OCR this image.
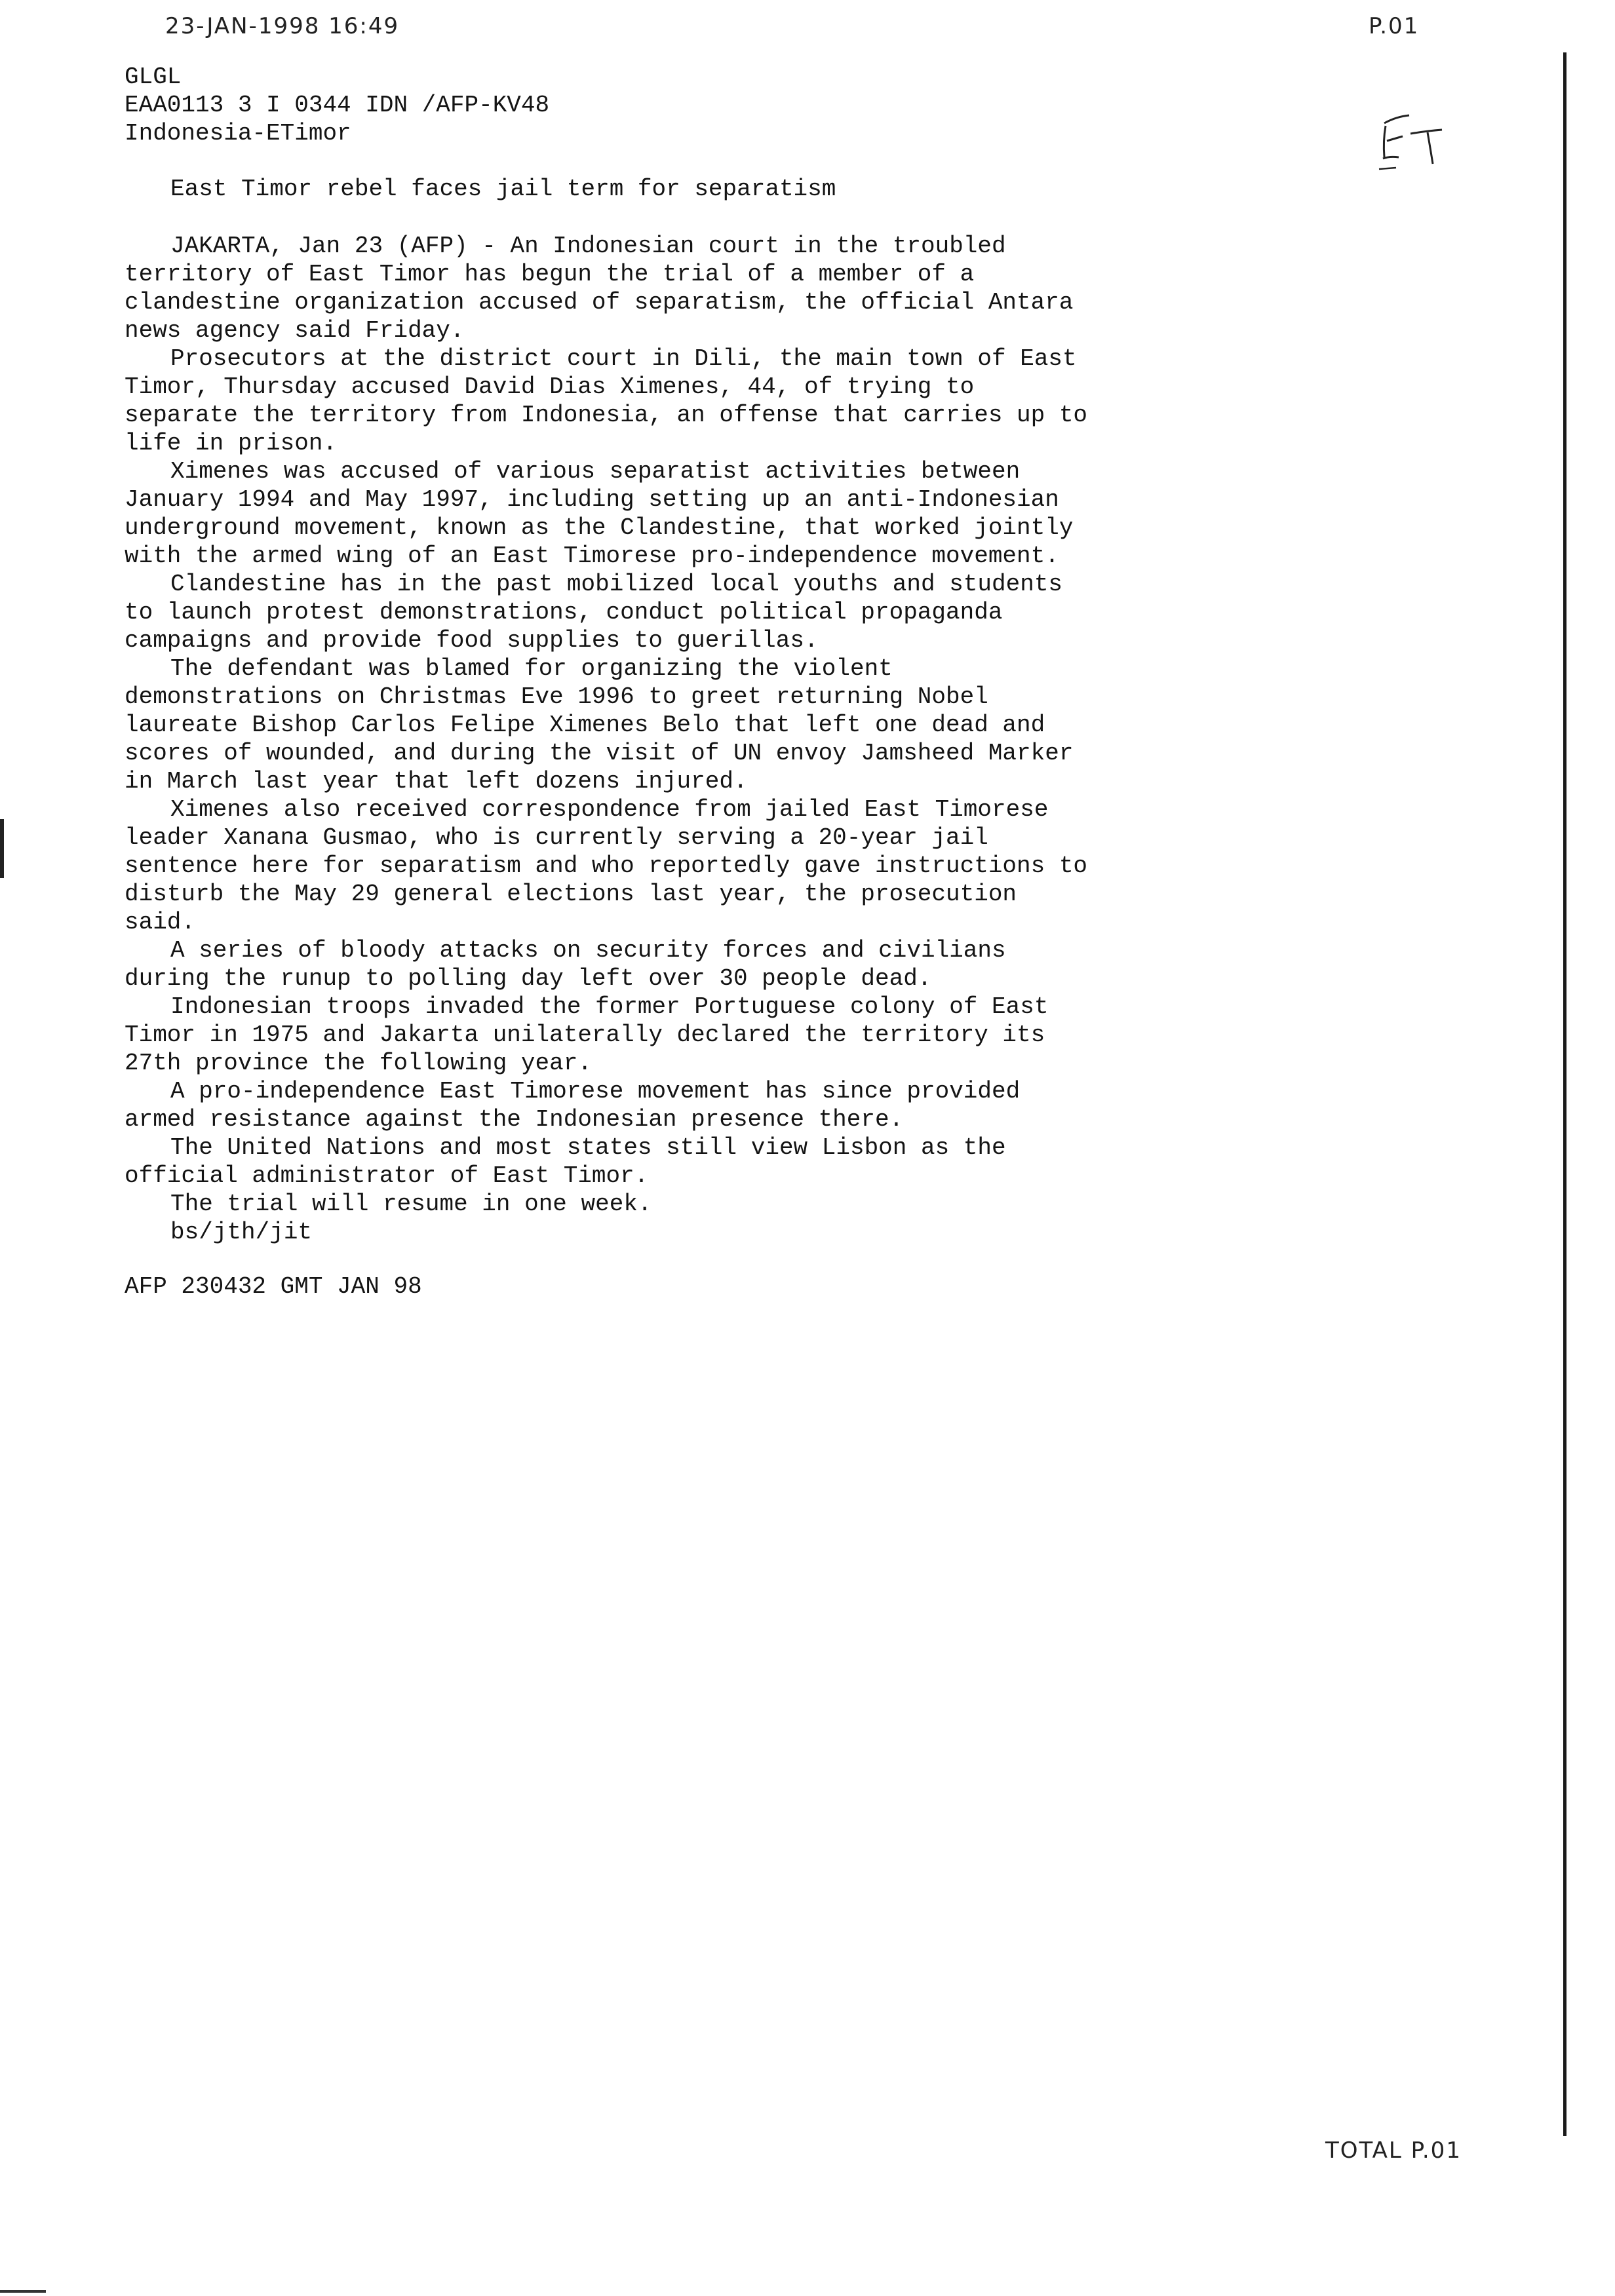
23-JAN-1998 16:49	P.01
GLGL
EAA0113 3 I 0344 IDN /AFP-KV48
Indonesia-ETimor
East Timor rebel faces jail term for separatism
JAKARTA, Jan 23 (AFP) - An Indonesian court in the troubled
territory of East Timor has begun the trial of a member of a
clandestine organization accused of separatism, the official Antara
news agency said Friday.
Prosecutors at the district court in Dili, the main town of East
Timor, Thursday accused David Dias Ximenes, 44, of trying to
separate the territory from Indonesia, an offense that carries up to
life in prison.
Ximenes was accused of various separatist activities between
January 1994 and May 1997, including setting up an anti-Indonesian
underground movement, known as the Clandestine, that worked jointly
with the armed wing of an East Timorese pro-independence movement.
Clandestine has in the past mobilized local youths and students
to launch protest demonstrations, conduct political propaganda
campaigns and provide food supplies to guerillas.
The defendant was blamed for organizing the violent
demonstrations on Christmas Eve 1996 to greet returning Nobel
laureate Bishop Carlos Felipe Ximenes Belo that left one dead and
scores of wounded, and during the visit of UN envoy Jamsheed Marker
in March last year that left dozens injured.
Ximenes also received correspondence from jailed East Timorese
leader Xanana Gusmao, who is currently serving a 20-year jail
sentence here for separatism and who reportedly gave instructions to
disturb the May 29 general elections last year, the prosecution
said.
A series of bloody attacks on security forces and civilians
during the runup to polling day left over 30 people dead.
Indonesian troops invaded the former Portuguese colony of East
Timor in 1975 and Jakarta unilaterally declared the territory its
27th province the following year.
A pro-independence East Timorese movement has since provided
armed resistance against the Indonesian presence there.
The United Nations and most states still view Lisbon as the
official administrator of East Timor.
The trial will resume in one week.
bs/jth/jit
AFP 230432 GMT JAN 98
TOTAL P.01
